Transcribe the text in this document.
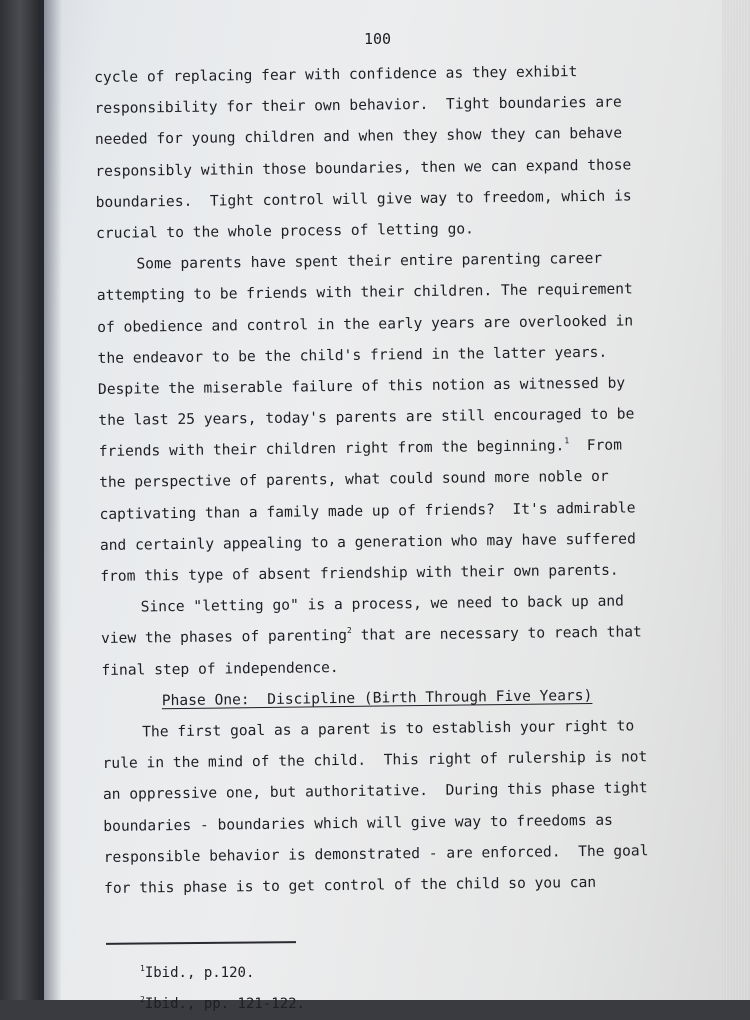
100
cycle of replacing fear with confidence as they exhibit
responsibility for their own behavior.  Tight boundaries are
needed for young children and when they show they can behave
responsibly within those boundaries, then we can expand those
boundaries.  Tight control will give way to freedom, which is
crucial to the whole process of letting go.
Some parents have spent their entire parenting career
attempting to be friends with their children. The requirement
of obedience and control in the early years are overlooked in
the endeavor to be the child's friend in the latter years.
Despite the miserable failure of this notion as witnessed by
the last 25 years, today's parents are still encouraged to be
friends with their children right from the beginning.$^1$  From
the perspective of parents, what could sound more noble or
captivating than a family made up of friends?  It's admirable
and certainly appealing to a generation who may have suffered
from this type of absent friendship with their own parents.
Since "letting go" is a process, we need to back up and
view the phases of parenting$^2$ that are necessary to reach that
final step of independence.
Phase One:  Discipline (Birth Through Five Years)
The first goal as a parent is to establish your right to
rule in the mind of the child.  This right of rulership is not
an oppressive one, but authoritative.  During this phase tight
boundaries - boundaries which will give way to freedoms as
responsible behavior is demonstrated - are enforced.  The goal
for this phase is to get control of the child so you can
$^1$Ibid., p.120.
$^2$Ibid., pp. 121-122.
